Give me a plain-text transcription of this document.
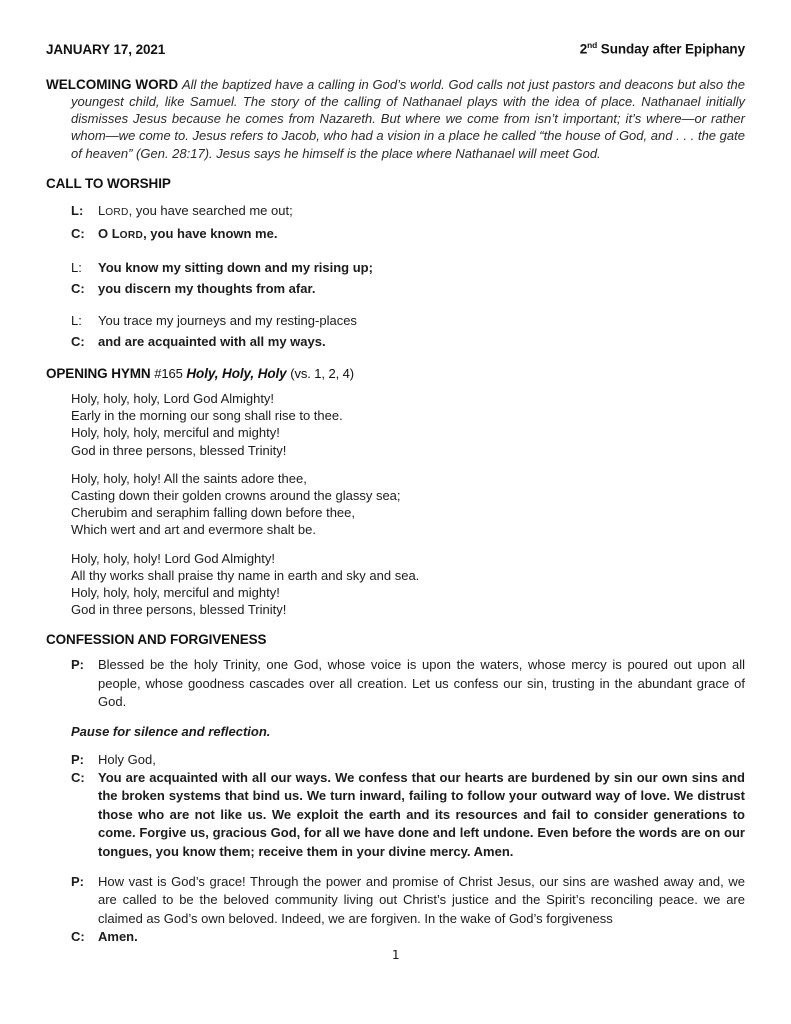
JANUARY 17, 2021	2nd Sunday after Epiphany

WELCOMING WORD All the baptized have a calling in God’s world. God calls not just pastors and deacons but also the youngest child, like Samuel. The story of the calling of Nathanael plays with the idea of place. Nathanael initially dismisses Jesus because he comes from Nazareth. But where we come from isn’t important; it’s where—or rather whom—we come to. Jesus refers to Jacob, who had a vision in a place he called “the house of God, and . . . the gate of heaven” (Gen. 28:17). Jesus says he himself is the place where Nathanael will meet God.

CALL TO WORSHIP
L:	LORD, you have searched me out;
C:	O LORD, you have known me.
L:	You know my sitting down and my rising up;
C:	you discern my thoughts from afar.
L:	You trace my journeys and my resting-places
C:	and are acquainted with all my ways.
OPENING HYMN #165 Holy, Holy, Holy (vs. 1, 2, 4)
Holy, holy, holy, Lord God Almighty!
Early in the morning our song shall rise to thee.
Holy, holy, holy, merciful and mighty!
God in three persons, blessed Trinity!
Holy, holy, holy! All the saints adore thee,
Casting down their golden crowns around the glassy sea;
Cherubim and seraphim falling down before thee,
Which wert and art and evermore shalt be.
Holy, holy, holy! Lord God Almighty!
All thy works shall praise thy name in earth and sky and sea.
Holy, holy, holy, merciful and mighty!
God in three persons, blessed Trinity!
CONFESSION AND FORGIVENESS
P:	Blessed be the holy Trinity, one God, whose voice is upon the waters, whose mercy is poured out upon all people, whose goodness cascades over all creation. Let us confess our sin, trusting in the abundant grace of God.
Pause for silence and reflection.
P:	Holy God,
C:	You are acquainted with all our ways. We confess that our hearts are burdened by sin our own sins and the broken systems that bind us. We turn inward, failing to follow your outward way of love. We distrust those who are not like us. We exploit the earth and its resources and fail to consider generations to come. Forgive us, gracious God, for all we have done and left undone. Even before the words are on our tongues, you know them; receive them in your divine mercy. Amen.
P:	How vast is God’s grace! Through the power and promise of Christ Jesus, our sins are washed away and, we are called to be the beloved community living out Christ’s justice and the Spirit’s reconciling peace. we are claimed as God’s own beloved. Indeed, we are forgiven. In the wake of God’s forgiveness
C:	Amen.
1
